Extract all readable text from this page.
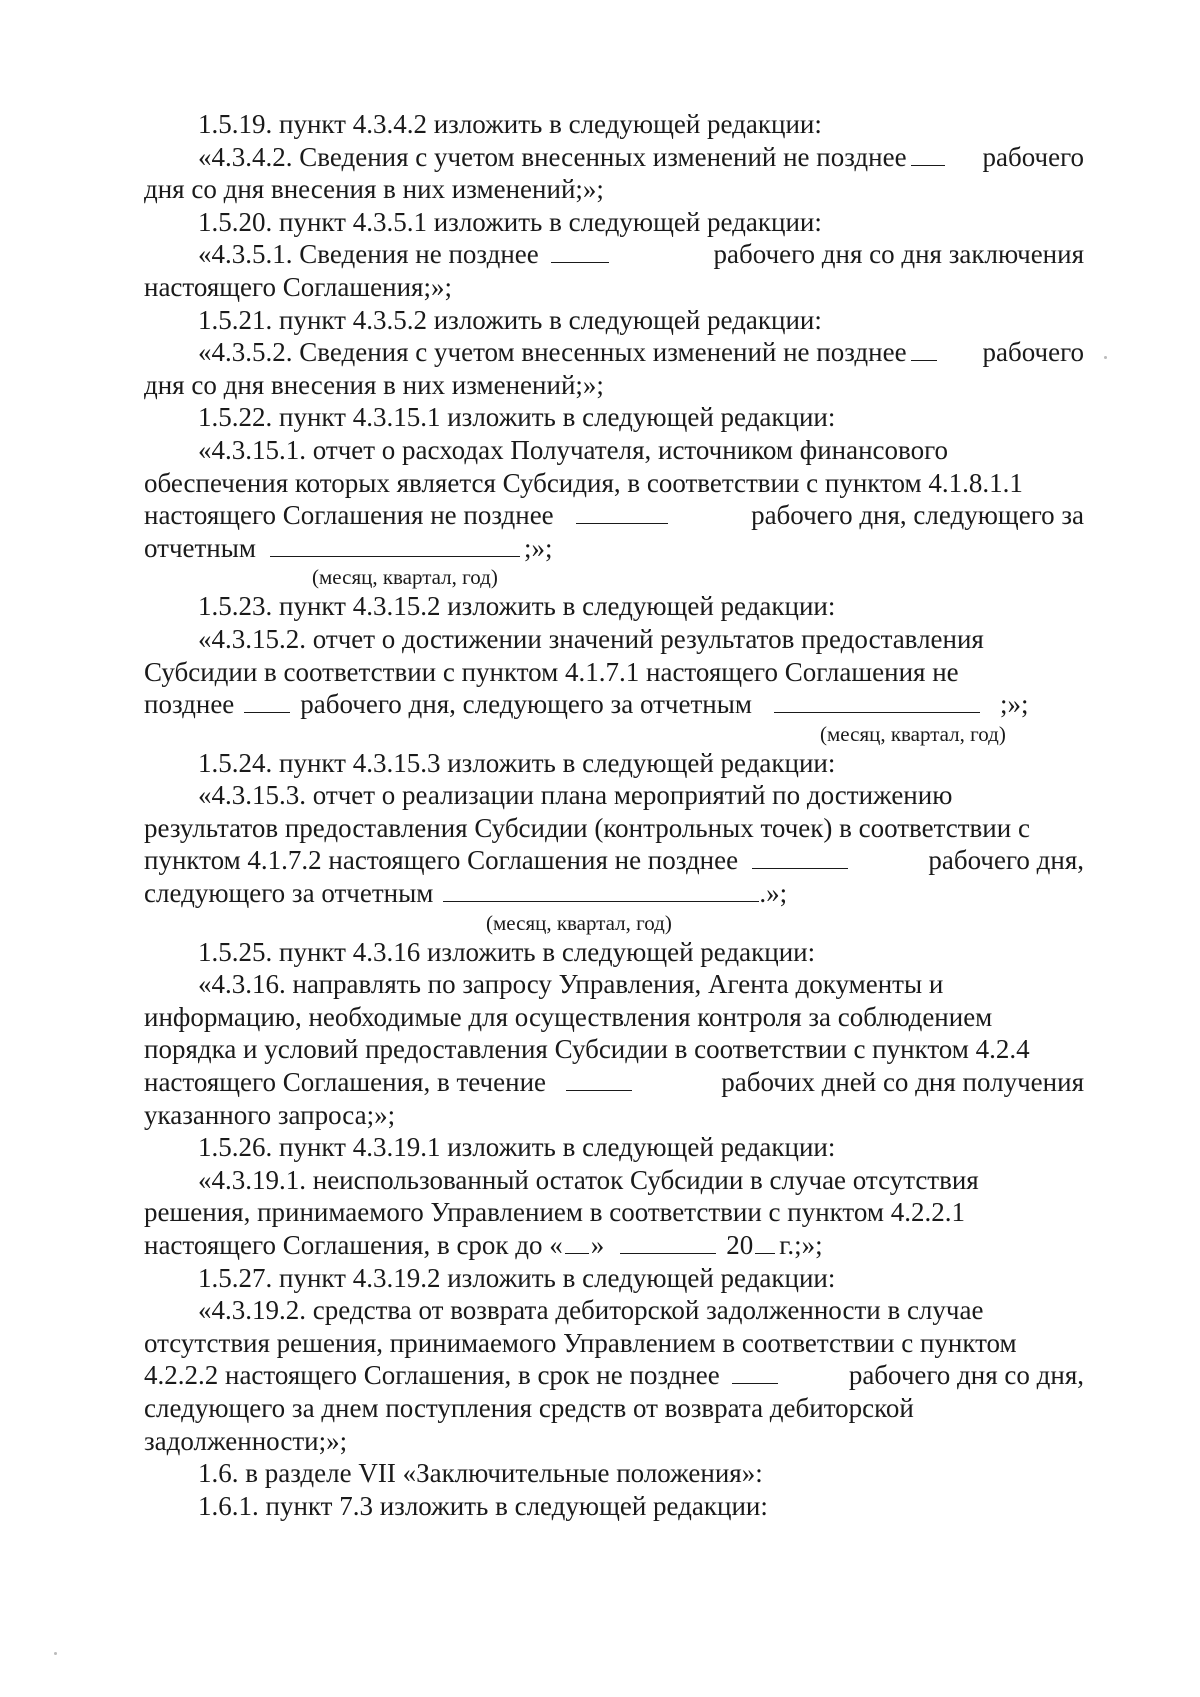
1.5.19. пункт 4.3.4.2 изложить в следующей редакции:
«4.3.4.2. Сведения с учетом внесенных изменений не позднее	рабочего
дня со дня внесения в них изменений;»;
1.5.20. пункт 4.3.5.1 изложить в следующей редакции:
«4.3.5.1. Сведения не позднее	рабочего дня со дня заключения
настоящего Соглашения;»;
1.5.21. пункт 4.3.5.2 изложить в следующей редакции:
«4.3.5.2. Сведения с учетом внесенных изменений не позднее	рабочего
дня со дня внесения в них изменений;»;
1.5.22. пункт 4.3.15.1 изложить в следующей редакции:
«4.3.15.1. отчет о расходах Получателя, источником финансового
обеспечения которых является Субсидия, в соответствии с пунктом 4.1.8.1.1
настоящего Соглашения не позднее	рабочего дня, следующего за
отчетным	;»;
(месяц, квартал, год)
1.5.23. пункт 4.3.15.2 изложить в следующей редакции:
«4.3.15.2. отчет о достижении значений результатов предоставления
Субсидии в соответствии с пунктом 4.1.7.1 настоящего Соглашения не
позднее рабочего дня, следующего за отчетным	;»;
(месяц, квартал, год)
1.5.24. пункт 4.3.15.3 изложить в следующей редакции:
«4.3.15.3. отчет о реализации плана мероприятий по достижению
результатов предоставления Субсидии (контрольных точек) в соответствии с
пунктом 4.1.7.2 настоящего Соглашения не позднее	рабочего дня,
следующего за отчетным	.»;
(месяц, квартал, год)
1.5.25. пункт 4.3.16 изложить в следующей редакции:
«4.3.16. направлять по запросу Управления, Агента документы и
информацию, необходимые для осуществления контроля за соблюдением
порядка и условий предоставления Субсидии в соответствии с пунктом 4.2.4
настоящего Соглашения, в течение	рабочих дней со дня получения
указанного запроса;»;
1.5.26. пункт 4.3.19.1 изложить в следующей редакции:
«4.3.19.1. неиспользованный остаток Субсидии в случае отсутствия
решения, принимаемого Управлением в соответствии с пунктом 4.2.2.1
настоящего Соглашения, в срок до « »	20 г.;»;
1.5.27. пункт 4.3.19.2 изложить в следующей редакции:
«4.3.19.2. средства от возврата дебиторской задолженности в случае
отсутствия решения, принимаемого Управлением в соответствии с пунктом
4.2.2.2 настоящего Соглашения, в срок не позднее	рабочего дня со дня,
следующего за днем поступления средств от возврата дебиторской
задолженности;»;
1.6. в разделе VII «Заключительные положения»:
1.6.1. пункт 7.3 изложить в следующей редакции:
